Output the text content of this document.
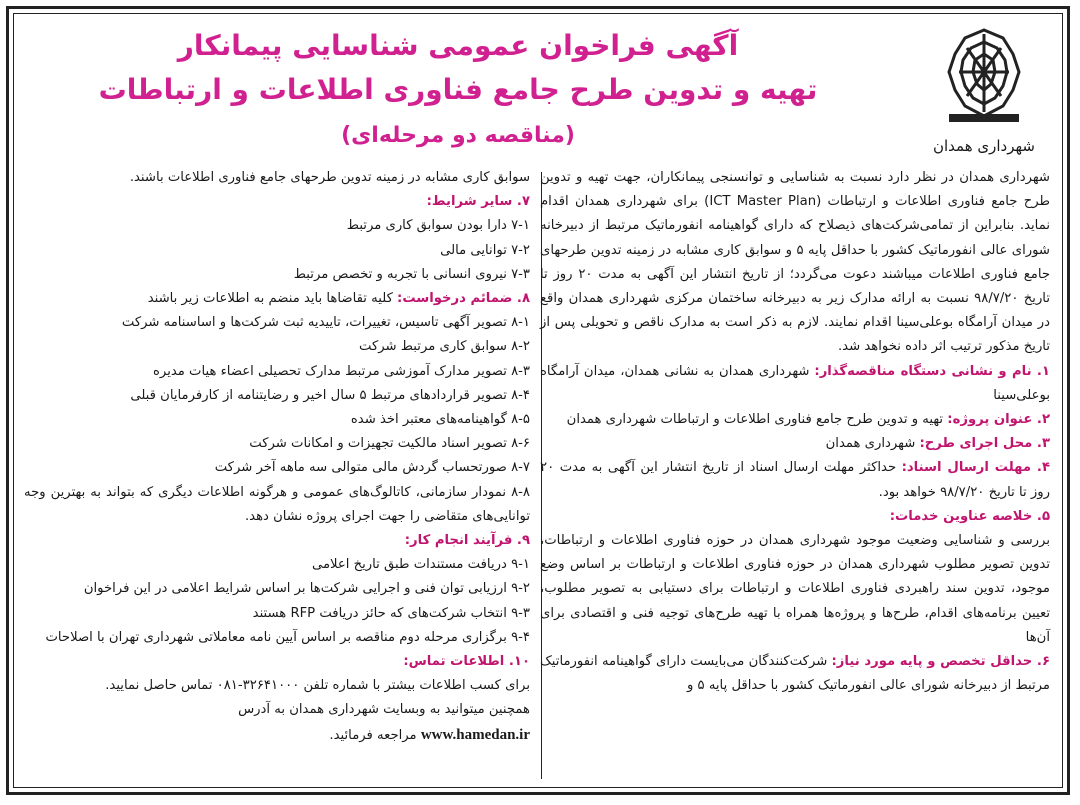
شهرداری همدان
آگهی فراخوان عمومی شناسایی پیمانکار
تهیه و تدوین طرح جامع فناوری اطلاعات و ارتباطات
(مناقصه دو مرحله‌ای)
شهرداری همدان در نظر دارد نسبت به شناسایی و توانسنجی پیمانکاران، جهت تهیه و تدوین طرح جامع فناوری اطلاعات و ارتباطات (ICT Master Plan) برای شهرداری همدان اقدام نماید. بنابراین از تمامی‌شرکت‌های ذیصلاح که دارای گواهینامه انفورماتیک مرتبط از دبیرخانه شورای عالی انفورماتیک کشور با حداقل پایه ۵ و سوابق کاری مشابه در زمینه تدوین طرحهای جامع فناوری اطلاعات میباشند دعوت می‌گردد؛ از تاریخ انتشار این آگهی به مدت ۲۰ روز تا تاریخ ۹۸/۷/۲۰ نسبت به ارائه مدارک زیر به دبیرخانه ساختمان مرکزی شهرداری همدان واقع در میدان آرامگاه بوعلی‌سینا اقدام نمایند. لازم به ذکر است به مدارک ناقص و تحویلی پس از تاریخ مذکور ترتیب اثر داده نخواهد شد.
۱. نام و نشانی دستگاه مناقصه‌گذار: شهرداری همدان به نشانی همدان، میدان آرامگاه بوعلی‌سینا
۲. عنوان پروژه: تهیه و تدوین طرح جامع فناوری اطلاعات و ارتباطات شهرداری همدان
۳. محل اجرای طرح: شهرداری همدان
۴. مهلت ارسال اسناد: حداکثر مهلت ارسال اسناد از تاریخ انتشار این آگهی به مدت ۲۰ روز تا تاریخ ۹۸/۷/۲۰ خواهد بود.
۵. خلاصه عناوین خدمات:
بررسی و شناسایی وضعیت موجود شهرداری همدان در حوزه فناوری اطلاعات و ارتباطات، تدوین تصویر مطلوب شهرداری همدان در حوزه فناوری اطلاعات و ارتباطات بر اساس وضع موجود، تدوین سند راهبردی فناوری اطلاعات و ارتباطات برای دستیابی به تصویر مطلوب، تعیین برنامه‌های اقدام، طرح‌ها و پروژه‌ها همراه با تهیه طرح‌های توجیه فنی و اقتصادی برای آن‌ها
۶. حداقل تخصص و پایه مورد نیاز: شرکت‌کنندگان می‌بایست دارای گواهینامه انفورماتیک مرتبط از دبیرخانه شورای عالی انفورماتیک کشور با حداقل پایه ۵ و
سوابق کاری مشابه در زمینه تدوین طرحهای جامع فناوری اطلاعات باشند.
۷. سایر شرایط:
۷-۱ دارا بودن سوابق کاری مرتبط
۷-۲ توانایی مالی
۷-۳ نیروی انسانی با تجربه و تخصص مرتبط
۸. ضمائم درخواست: کلیه تقاضاها باید منضم به اطلاعات زیر باشند
۸-۱ تصویر آگهی تاسیس، تغییرات، تاییدیه ثبت شرکت‌ها و اساسنامه شرکت
۸-۲ سوابق کاری مرتبط شرکت
۸-۳ تصویر مدارک آموزشی مرتبط مدارک تحصیلی اعضاء هیات مدیره
۸-۴ تصویر قراردادهای مرتبط ۵ سال اخیر و رضایتنامه از کارفرمایان قبلی
۸-۵ گواهینامه‌های معتبر اخذ شده
۸-۶ تصویر اسناد مالکیت تجهیزات و امکانات شرکت
۸-۷ صورتحساب گردش مالی متوالی سه ماهه آخر شرکت
۸-۸ نمودار سازمانی، کاتالوگ‌های عمومی و هرگونه اطلاعات دیگری که بتواند به بهترین وجه توانایی‌های متقاضی را جهت اجرای پروژه نشان دهد.
۹. فرآیند انجام کار:
۹-۱ دریافت مستندات طبق تاریخ اعلامی
۹-۲ ارزیابی توان فنی و اجرایی شرکت‌ها بر اساس شرایط اعلامی در این فراخوان
۹-۳ انتخاب شرکت‌های که حائز دریافت RFP هستند
۹-۴ برگزاری مرحله دوم مناقصه بر اساس آیین نامه معاملاتی شهرداری تهران با اصلاحات
۱۰. اطلاعات تماس:
برای کسب اطلاعات بیشتر با شماره تلفن ۳۲۶۴۱۰۰۰-۰۸۱ تماس حاصل نمایید.
همچنین میتوانید به وبسایت شهرداری همدان به آدرس
www.hamedan.ir مراجعه فرمائید.
